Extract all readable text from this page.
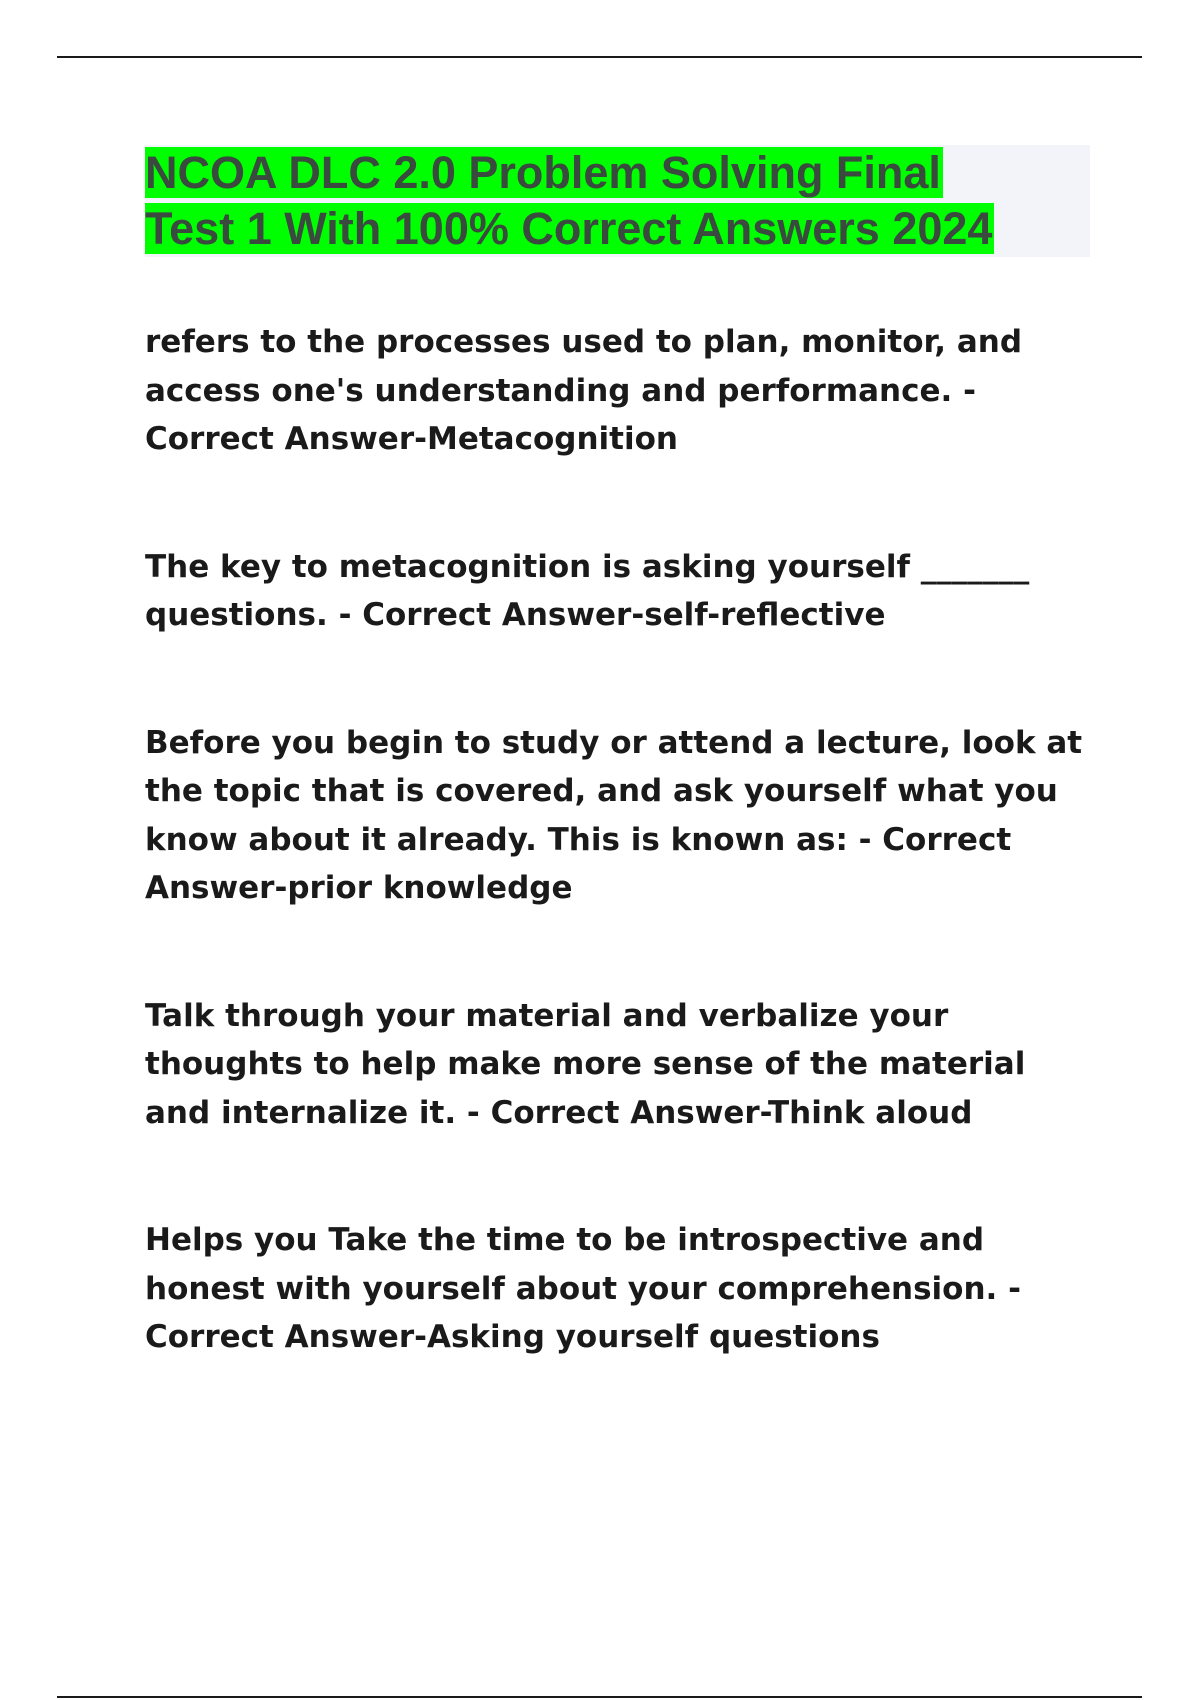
NCOA DLC 2.0 Problem Solving Final
Test 1 With 100% Correct Answers 2024

refers to the processes used to plan, monitor, and access one's understanding and performance. - Correct Answer-Metacognition

The key to metacognition is asking yourself _______ questions. - Correct Answer-self-reflective

Before you begin to study or attend a lecture, look at the topic that is covered, and ask yourself what you know about it already. This is known as: - Correct Answer-prior knowledge

Talk through your material and verbalize your thoughts to help make more sense of the material and internalize it. - Correct Answer-Think aloud

Helps you Take the time to be introspective and honest with yourself about your comprehension. - Correct Answer-Asking yourself questions
